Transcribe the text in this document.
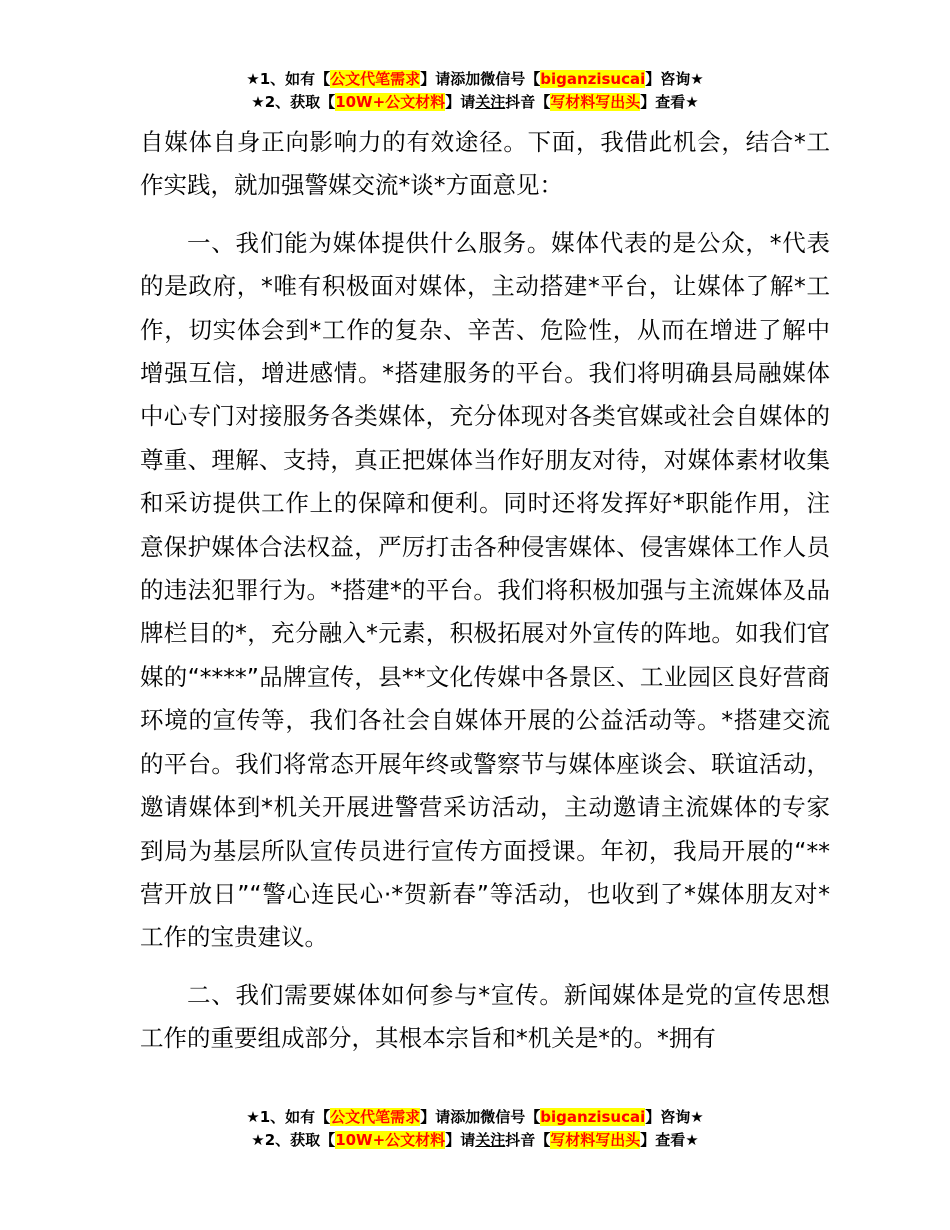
★1、如有【公文代笔需求】请添加微信号【biganzisucai】咨询★
★2、获取【10W+公文材料】请关注抖音【写材料写出头】查看★

自媒体自身正向影响力的有效途径。下面，我借此机会，结合*工作实践，就加强警媒交流*谈*方面意见：

一、我们能为媒体提供什么服务。媒体代表的是公众，*代表的是政府，*唯有积极面对媒体，主动搭建*平台，让媒体了解*工作，切实体会到*工作的复杂、辛苦、危险性，从而在增进了解中增强互信，增进感情。*搭建服务的平台。我们将明确县局融媒体中心专门对接服务各类媒体，充分体现对各类官媒或社会自媒体的尊重、理解、支持，真正把媒体当作好朋友对待，对媒体素材收集和采访提供工作上的保障和便利。同时还将发挥好*职能作用，注意保护媒体合法权益，严厉打击各种侵害媒体、侵害媒体工作人员的违法犯罪行为。*搭建*的平台。我们将积极加强与主流媒体及品牌栏目的*，充分融入*元素，积极拓展对外宣传的阵地。如我们官媒的“****”品牌宣传，县**文化传媒中各景区、工业园区良好营商环境的宣传等，我们各社会自媒体开展的公益活动等。*搭建交流的平台。我们将常态开展年终或警察节与媒体座谈会、联谊活动，邀请媒体到*机关开展进警营采访活动，主动邀请主流媒体的专家到局为基层所队宣传员进行宣传方面授课。年初，我局开展的“**营开放日”“警心连民心·*贺新春”等活动，也收到了*媒体朋友对*工作的宝贵建议。

二、我们需要媒体如何参与*宣传。新闻媒体是党的宣传思想工作的重要组成部分，其根本宗旨和*机关是*的。*拥有

★1、如有【公文代笔需求】请添加微信号【biganzisucai】咨询★
★2、获取【10W+公文材料】请关注抖音【写材料写出头】查看★
